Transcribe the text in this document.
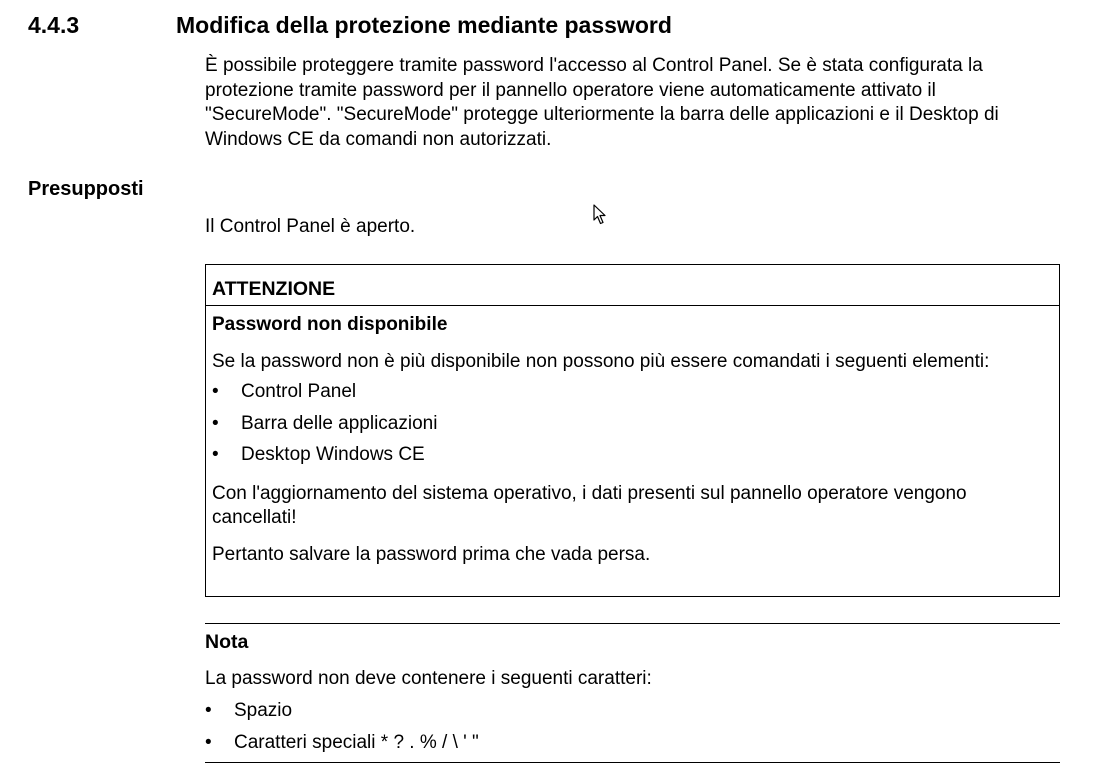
4.4.3	Modifica della protezione mediante password

È possibile proteggere tramite password l'accesso al Control Panel. Se è stata configurata la protezione tramite password per il pannello operatore viene automaticamente attivato il "SecureMode". "SecureMode" protegge ulteriormente la barra delle applicazioni e il Desktop di Windows CE da comandi non autorizzati.

Presupposti
Il Control Panel è aperto.
ATTENZIONE

Password non disponibile

Se la password non è più disponibile non possono più essere comandati i seguenti elementi:

• Control Panel
• Barra delle applicazioni
• Desktop Windows CE

Con l'aggiornamento del sistema operativo, i dati presenti sul pannello operatore vengono cancellati!

Pertanto salvare la password prima che vada persa.

Nota
La password non deve contenere i seguenti caratteri:
• Spazio
• Caratteri speciali * ? . % / \ ' "
